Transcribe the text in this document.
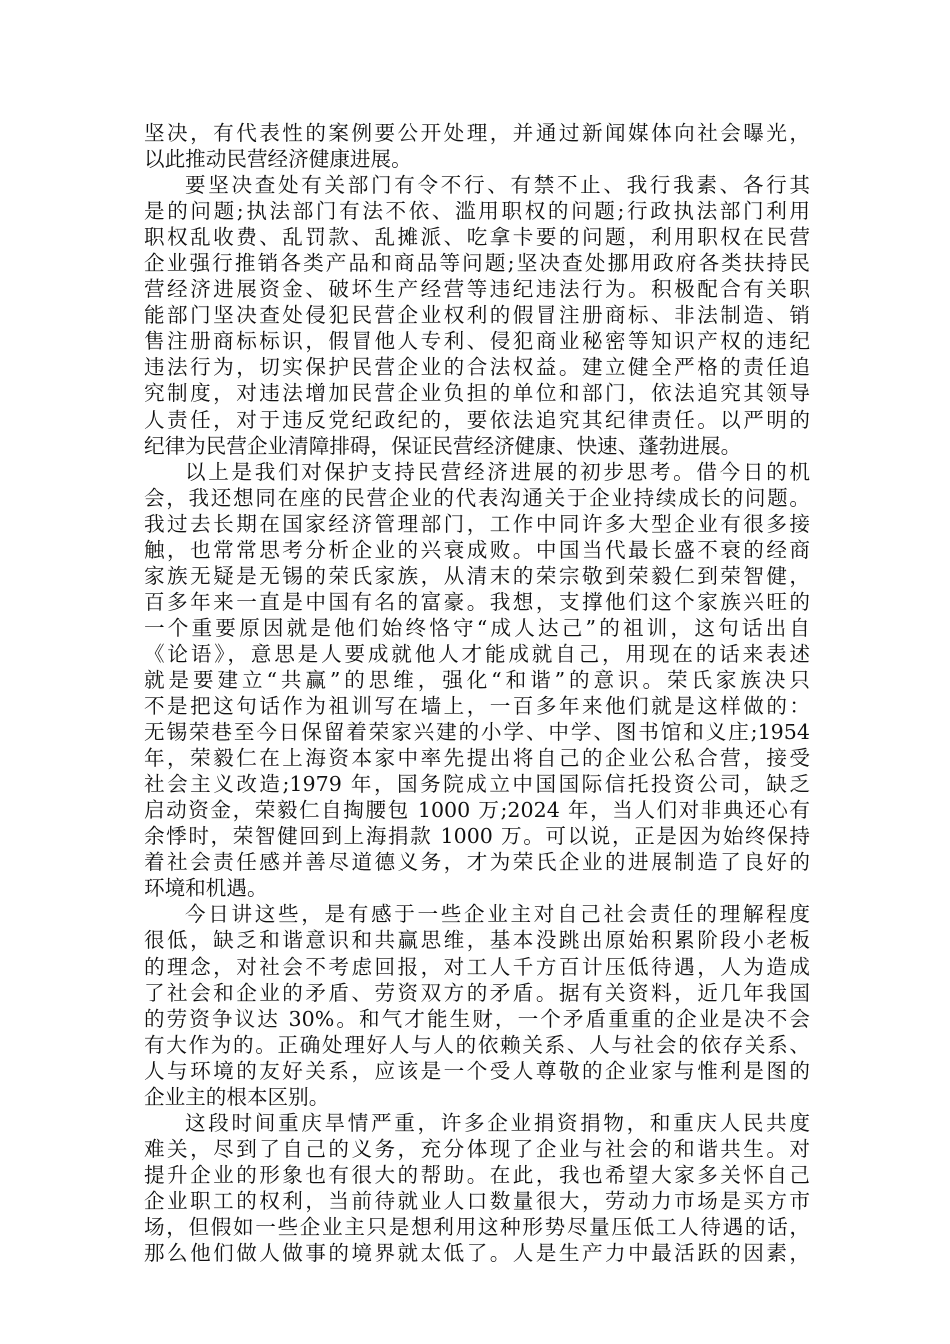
坚决，有代表性的案例要公开处理，并通过新闻媒体向社会曝光，
以此推动民营经济健康进展。
要坚决查处有关部门有令不行、有禁不止、我行我素、各行其
是的问题;执法部门有法不依、滥用职权的问题;行政执法部门利用
职权乱收费、乱罚款、乱摊派、吃拿卡要的问题，利用职权在民营
企业强行推销各类产品和商品等问题;坚决查处挪用政府各类扶持民
营经济进展资金、破坏生产经营等违纪违法行为。积极配合有关职
能部门坚决查处侵犯民营企业权利的假冒注册商标、非法制造、销
售注册商标标识，假冒他人专利、侵犯商业秘密等知识产权的违纪
违法行为，切实保护民营企业的合法权益。建立健全严格的责任追
究制度，对违法增加民营企业负担的单位和部门，依法追究其领导
人责任，对于违反党纪政纪的，要依法追究其纪律责任。以严明的
纪律为民营企业清障排碍，保证民营经济健康、快速、蓬勃进展。
以上是我们对保护支持民营经济进展的初步思考。借今日的机
会，我还想同在座的民营企业的代表沟通关于企业持续成长的问题。
我过去长期在国家经济管理部门，工作中同许多大型企业有很多接
触，也常常思考分析企业的兴衰成败。中国当代最长盛不衰的经商
家族无疑是无锡的荣氏家族，从清末的荣宗敬到荣毅仁到荣智健，
百多年来一直是中国有名的富豪。我想，支撑他们这个家族兴旺的
一个重要原因就是他们始终恪守“成人达己”的祖训，这句话出自
《论语》，意思是人要成就他人才能成就自己，用现在的话来表述
就是要建立“共赢”的思维，强化“和谐”的意识。荣氏家族决只
不是把这句话作为祖训写在墙上，一百多年来他们就是这样做的：
无锡荣巷至今日保留着荣家兴建的小学、中学、图书馆和义庄;1954
年，荣毅仁在上海资本家中率先提出将自己的企业公私合营，接受
社会主义改造;1979 年，国务院成立中国国际信托投资公司，缺乏
启动资金，荣毅仁自掏腰包 1000 万;2024 年，当人们对非典还心有
余悸时，荣智健回到上海捐款 1000 万。可以说，正是因为始终保持
着社会责任感并善尽道德义务，才为荣氏企业的进展制造了良好的
环境和机遇。
今日讲这些，是有感于一些企业主对自己社会责任的理解程度
很低，缺乏和谐意识和共赢思维，基本没跳出原始积累阶段小老板
的理念，对社会不考虑回报，对工人千方百计压低待遇，人为造成
了社会和企业的矛盾、劳资双方的矛盾。据有关资料，近几年我国
的劳资争议达 30%。和气才能生财，一个矛盾重重的企业是决不会
有大作为的。正确处理好人与人的依赖关系、人与社会的依存关系、
人与环境的友好关系，应该是一个受人尊敬的企业家与惟利是图的
企业主的根本区别。
这段时间重庆旱情严重，许多企业捐资捐物，和重庆人民共度
难关，尽到了自己的义务，充分体现了企业与社会的和谐共生。对
提升企业的形象也有很大的帮助。在此，我也希望大家多关怀自己
企业职工的权利，当前待就业人口数量很大，劳动力市场是买方市
场，但假如一些企业主只是想利用这种形势尽量压低工人待遇的话，
那么他们做人做事的境界就太低了。人是生产力中最活跃的因素，
